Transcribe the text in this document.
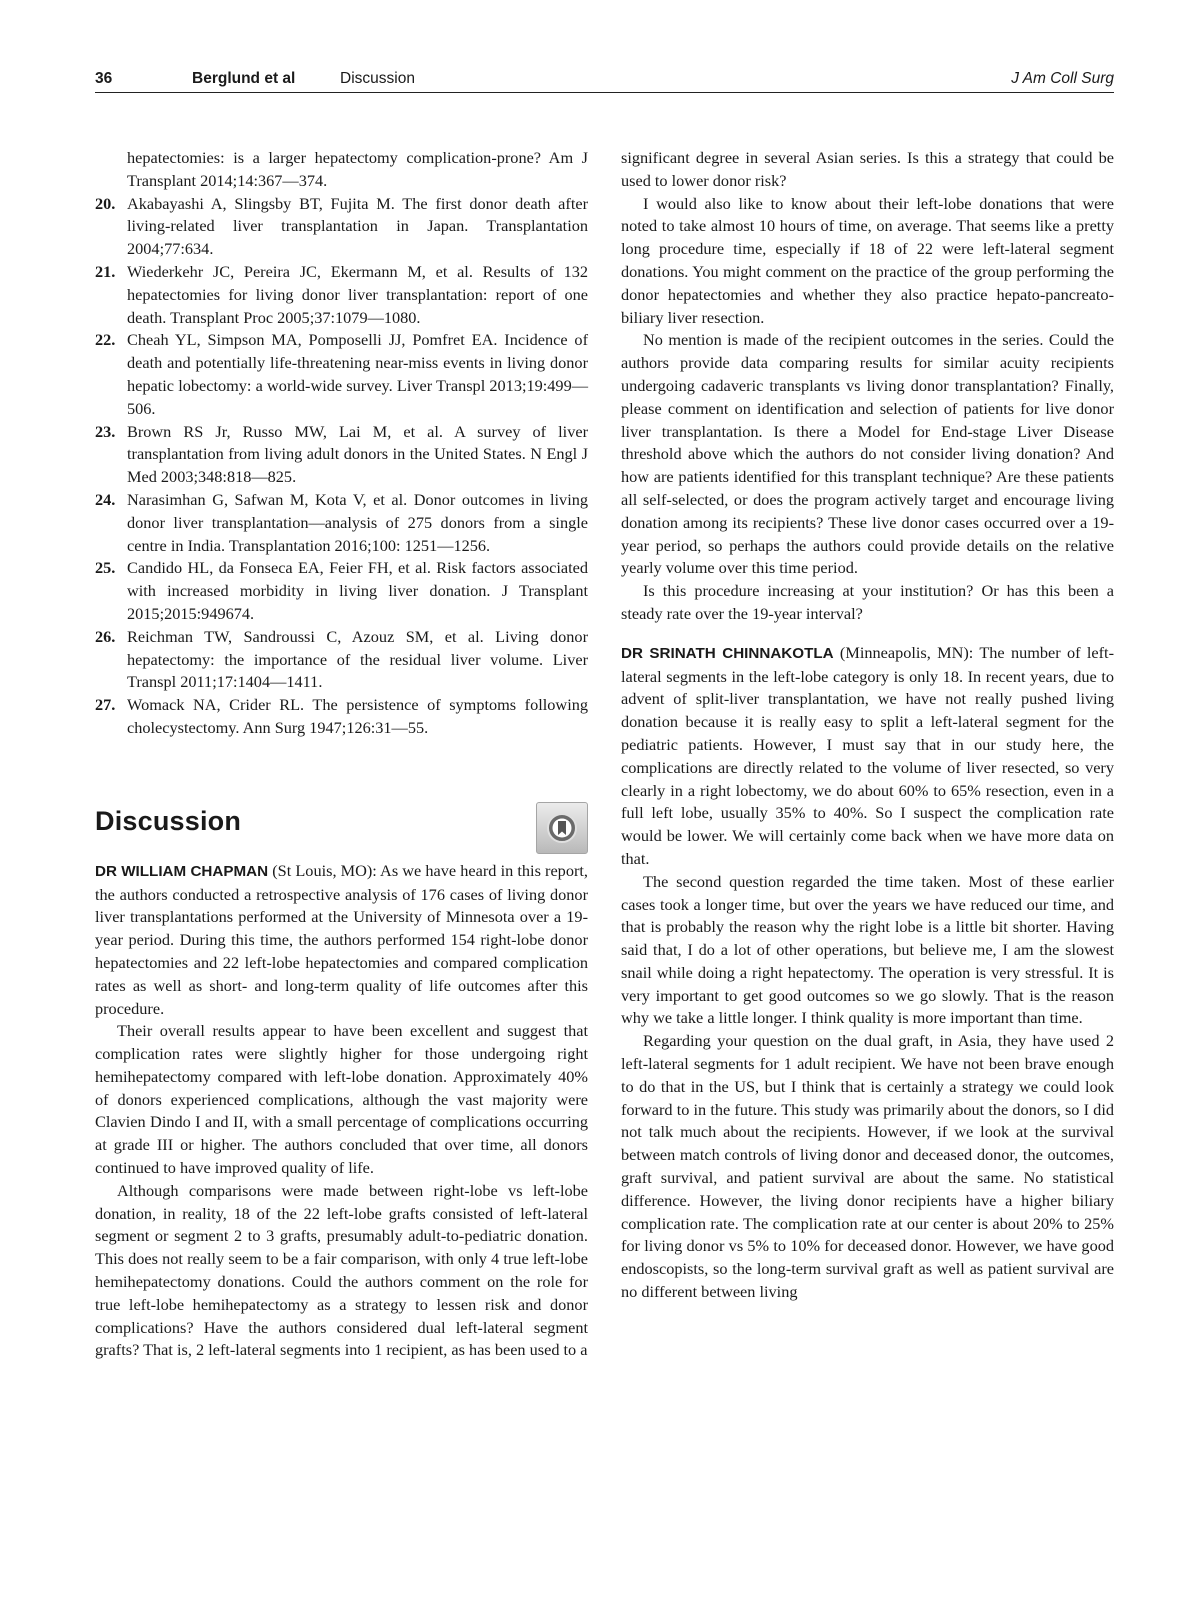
36	Berglund et al	Discussion	J Am Coll Surg
hepatectomies: is a larger hepatectomy complication-prone? Am J Transplant 2014;14:367—374.
20. Akabayashi A, Slingsby BT, Fujita M. The first donor death after living-related liver transplantation in Japan. Transplantation 2004;77:634.
21. Wiederkehr JC, Pereira JC, Ekermann M, et al. Results of 132 hepatectomies for living donor liver transplantation: report of one death. Transplant Proc 2005;37:1079—1080.
22. Cheah YL, Simpson MA, Pomposelli JJ, Pomfret EA. Incidence of death and potentially life-threatening near-miss events in living donor hepatic lobectomy: a world-wide survey. Liver Transpl 2013;19:499—506.
23. Brown RS Jr, Russo MW, Lai M, et al. A survey of liver transplantation from living adult donors in the United States. N Engl J Med 2003;348:818—825.
24. Narasimhan G, Safwan M, Kota V, et al. Donor outcomes in living donor liver transplantation—analysis of 275 donors from a single centre in India. Transplantation 2016;100: 1251—1256.
25. Candido HL, da Fonseca EA, Feier FH, et al. Risk factors associated with increased morbidity in living liver donation. J Transplant 2015;2015:949674.
26. Reichman TW, Sandroussi C, Azouz SM, et al. Living donor hepatectomy: the importance of the residual liver volume. Liver Transpl 2011;17:1404—1411.
27. Womack NA, Crider RL. The persistence of symptoms following cholecystectomy. Ann Surg 1947;126:31—55.
Discussion

DR WILLIAM CHAPMAN (St Louis, MO): As we have heard in this report, the authors conducted a retrospective analysis of 176 cases of living donor liver transplantations performed at the University of Minnesota over a 19-year period. During this time, the authors performed 154 right-lobe donor hepatectomies and 22 left-lobe hepatectomies and compared complication rates as well as short- and long-term quality of life outcomes after this procedure.

Their overall results appear to have been excellent and suggest that complication rates were slightly higher for those undergoing right hemihepatectomy compared with left-lobe donation. Approximately 40% of donors experienced complications, although the vast majority were Clavien Dindo I and II, with a small percentage of complications occurring at grade III or higher. The authors concluded that over time, all donors continued to have improved quality of life.

Although comparisons were made between right-lobe vs left-lobe donation, in reality, 18 of the 22 left-lobe grafts consisted of left-lateral segment or segment 2 to 3 grafts, presumably adult-to-pediatric donation. This does not really seem to be a fair comparison, with only 4 true left-lobe hemihepatectomy donations. Could the authors comment on the role for true left-lobe hemihepatectomy as a strategy to lessen risk and donor complications? Have the authors considered dual left-lateral segment grafts? That is, 2 left-lateral segments into 1 recipient, as has been used to a

significant degree in several Asian series. Is this a strategy that could be used to lower donor risk?

I would also like to know about their left-lobe donations that were noted to take almost 10 hours of time, on average. That seems like a pretty long procedure time, especially if 18 of 22 were left-lateral segment donations. You might comment on the practice of the group performing the donor hepatectomies and whether they also practice hepato-pancreato-biliary liver resection.

No mention is made of the recipient outcomes in the series. Could the authors provide data comparing results for similar acuity recipients undergoing cadaveric transplants vs living donor transplantation? Finally, please comment on identification and selection of patients for live donor liver transplantation. Is there a Model for End-stage Liver Disease threshold above which the authors do not consider living donation? And how are patients identified for this transplant technique? Are these patients all self-selected, or does the program actively target and encourage living donation among its recipients? These live donor cases occurred over a 19-year period, so perhaps the authors could provide details on the relative yearly volume over this time period.

Is this procedure increasing at your institution? Or has this been a steady rate over the 19-year interval?

DR SRINATH CHINNAKOTLA (Minneapolis, MN): The number of left-lateral segments in the left-lobe category is only 18. In recent years, due to advent of split-liver transplantation, we have not really pushed living donation because it is really easy to split a left-lateral segment for the pediatric patients. However, I must say that in our study here, the complications are directly related to the volume of liver resected, so very clearly in a right lobectomy, we do about 60% to 65% resection, even in a full left lobe, usually 35% to 40%. So I suspect the complication rate would be lower. We will certainly come back when we have more data on that.

The second question regarded the time taken. Most of these earlier cases took a longer time, but over the years we have reduced our time, and that is probably the reason why the right lobe is a little bit shorter. Having said that, I do a lot of other operations, but believe me, I am the slowest snail while doing a right hepatectomy. The operation is very stressful. It is very important to get good outcomes so we go slowly. That is the reason why we take a little longer. I think quality is more important than time.

Regarding your question on the dual graft, in Asia, they have used 2 left-lateral segments for 1 adult recipient. We have not been brave enough to do that in the US, but I think that is certainly a strategy we could look forward to in the future. This study was primarily about the donors, so I did not talk much about the recipients. However, if we look at the survival between match controls of living donor and deceased donor, the outcomes, graft survival, and patient survival are about the same. No statistical difference. However, the living donor recipients have a higher biliary complication rate. The complication rate at our center is about 20% to 25% for living donor vs 5% to 10% for deceased donor. However, we have good endoscopists, so the long-term survival graft as well as patient survival are no different between living
